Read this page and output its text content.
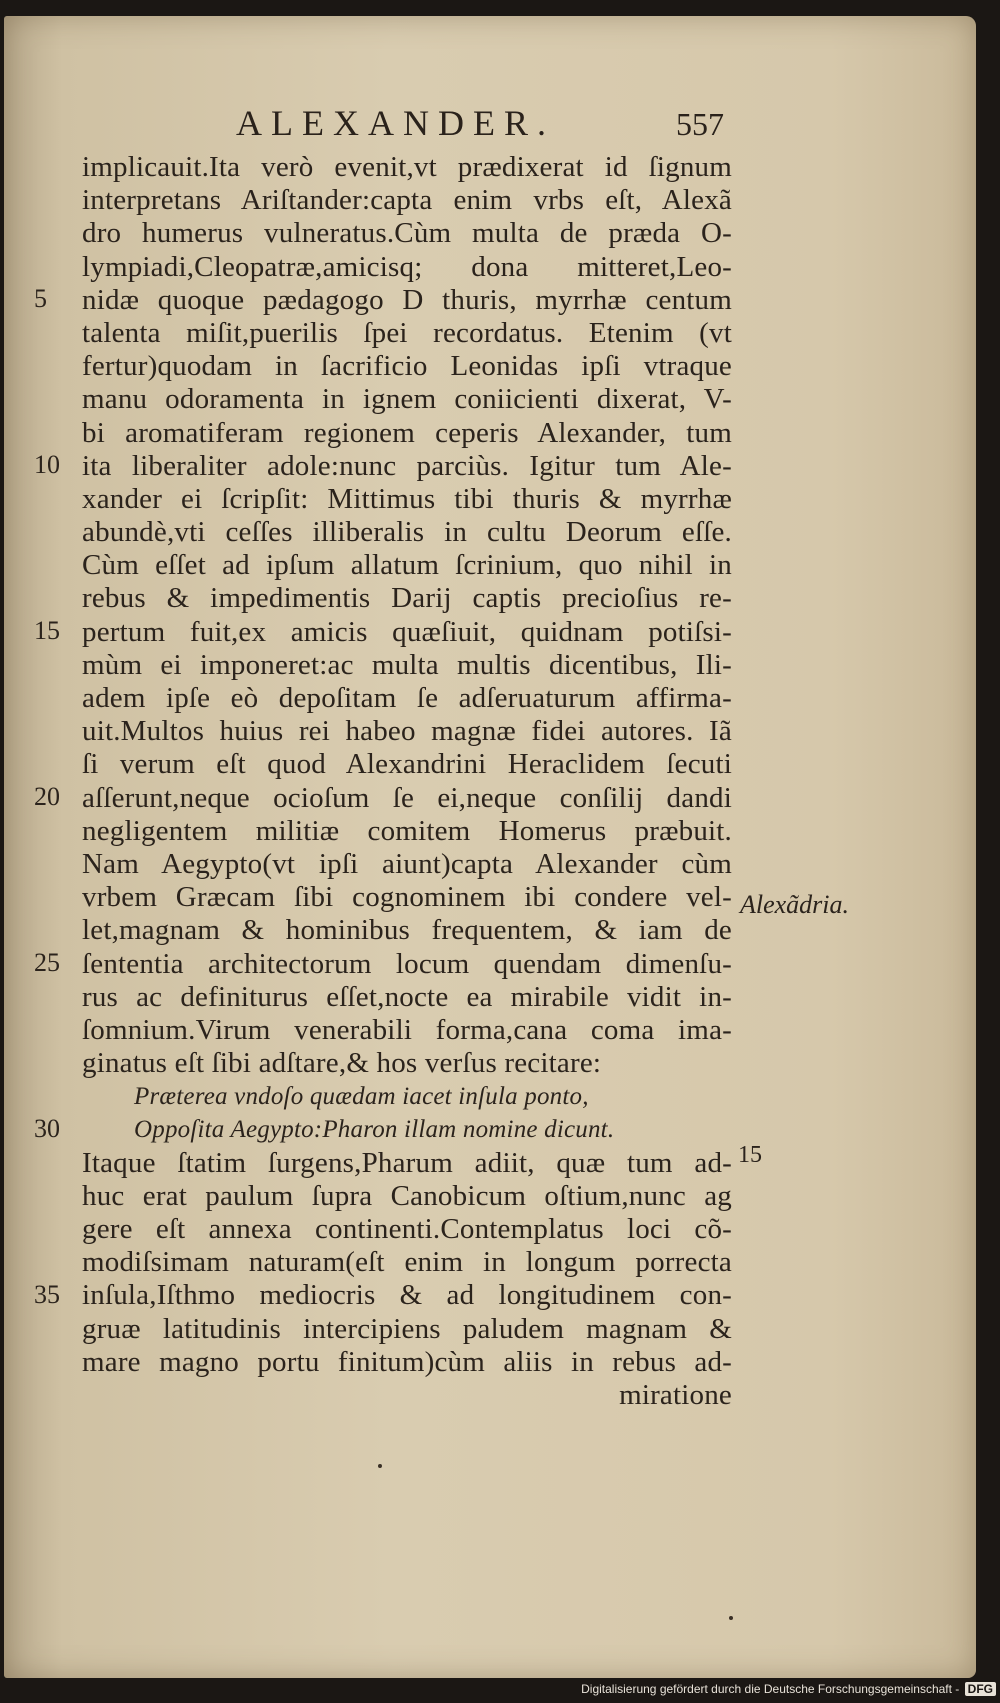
ALEXANDER.	557
implicauit.Ita verò evenit,vt prædixerat id ſignum
interpretans Ariſtander:capta enim vrbs eſt, Alexã
dro humerus vulneratus.Cùm multa de præda O-
lympiadi,Cleopatræ,amicisq; dona mitteret,Leo-
nidæ quoque pædagogo D thuris, myrrhæ centum
talenta miſit,puerilis ſpei recordatus. Etenim (vt
fertur)quodam in ſacrificio Leonidas ipſi vtraque
manu odoramenta in ignem coniicienti dixerat, V-
bi aromatiferam regionem ceperis Alexander, tum
ita liberaliter adole:nunc parciùs. Igitur tum Ale-
xander ei ſcripſit: Mittimus tibi thuris & myrrhæ
abundè,vti ceſſes illiberalis in cultu Deorum eſſe.
Cùm eſſet ad ipſum allatum ſcrinium, quo nihil in
rebus & impedimentis Darij captis precioſius re-
pertum fuit,ex amicis quæſiuit, quidnam potiſsi-
mùm ei imponeret:ac multa multis dicentibus, Ili-
adem ipſe eò depoſitam ſe adſeruaturum affirma-
uit.Multos huius rei habeo magnæ fidei autores. Iã
ſi verum eſt quod Alexandrini Heraclidem ſecuti
aſſerunt,neque ocioſum ſe ei,neque conſilij dandi
negligentem militiæ comitem Homerus præbuit.
Nam Aegypto(vt ipſi aiunt)capta Alexander cùm
vrbem Græcam ſibi cognominem ibi condere vel-
let,magnam & hominibus frequentem, & iam de
ſententia architectorum locum quendam dimenſu-
rus ac definiturus eſſet,nocte ea mirabile vidit in-
ſomnium.Virum venerabili forma,cana coma ima-
ginatus eſt ſibi adſtare,& hos verſus recitare:
Præterea vndoſo quædam iacet inſula ponto,
Oppoſita Aegypto:Pharon illam nomine dicunt.
Itaque ſtatim ſurgens,Pharum adiit, quæ tum ad-
huc erat paulum ſupra Canobicum oſtium,nunc ag
gere eſt annexa continenti.Contemplatus loci cõ-
modiſsimam naturam(eſt enim in longum porrecta
inſula,Iſthmo mediocris & ad longitudinem con-
gruæ latitudinis intercipiens paludem magnam &
mare magno portu finitum)cùm aliis in rebus ad-
miratione
5
10
15
20
25
30
35
Alexãdria.
15
Digitalisierung gefördert durch die Deutsche Forschungsgemeinschaft - DFG
